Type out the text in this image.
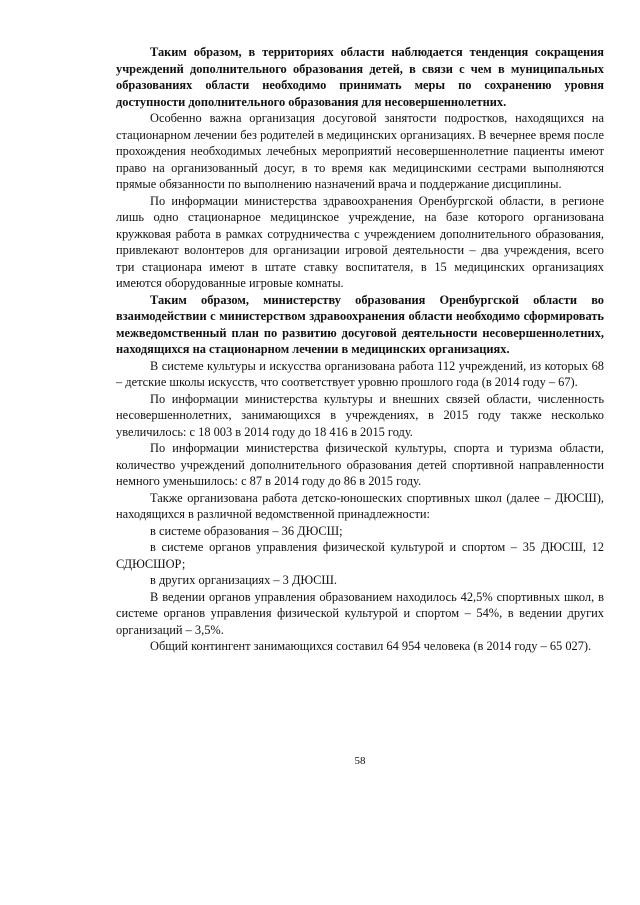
Таким образом, в территориях области наблюдается тенденция сокращения учреждений дополнительного образования детей, в связи с чем в муниципальных образованиях области необходимо принимать меры по сохранению уровня доступности дополнительного образования для несовершеннолетних.

Особенно важна организация досуговой занятости подростков, находящихся на стационарном лечении без родителей в медицинских организациях. В вечернее время после прохождения необходимых лечебных мероприятий несовершеннолетние пациенты имеют право на организованный досуг, в то время как медицинскими сестрами выполняются прямые обязанности по выполнению назначений врача и поддержание дисциплины.

По информации министерства здравоохранения Оренбургской области, в регионе лишь одно стационарное медицинское учреждение, на базе которого организована кружковая работа в рамках сотрудничества с учреждением дополнительного образования, привлекают волонтеров для организации игровой деятельности – два учреждения, всего три стационара имеют в штате ставку воспитателя, в 15 медицинских организациях имеются оборудованные игровые комнаты.

Таким образом, министерству образования Оренбургской области во взаимодействии с министерством здравоохранения области необходимо сформировать межведомственный план по развитию досуговой деятельности несовершеннолетних, находящихся на стационарном лечении в медицинских организациях.

В системе культуры и искусства организована работа 112 учреждений, из которых 68 – детские школы искусств, что соответствует уровню прошлого года (в 2014 году – 67).

По информации министерства культуры и внешних связей области, численность несовершеннолетних, занимающихся в учреждениях, в 2015 году также несколько увеличилось: с 18 003 в 2014 году до 18 416 в 2015 году.

По информации министерства физической культуры, спорта и туризма области, количество учреждений дополнительного образования детей спортивной направленности немного уменьшилось: с 87 в 2014 году до 86 в 2015 году.

Также организована работа детско-юношеских спортивных школ (далее – ДЮСШ), находящихся в различной ведомственной принадлежности:

в системе образования – 36 ДЮСШ;

в системе органов управления физической культурой и спортом – 35 ДЮСШ, 12 СДЮСШОР;

в других организациях – 3 ДЮСШ.

В ведении органов управления образованием находилось 42,5% спортивных школ, в системе органов управления физической культурой и спортом – 54%, в ведении других организаций – 3,5%.

Общий контингент занимающихся составил 64 954 человека (в 2014 году – 65 027).

58
